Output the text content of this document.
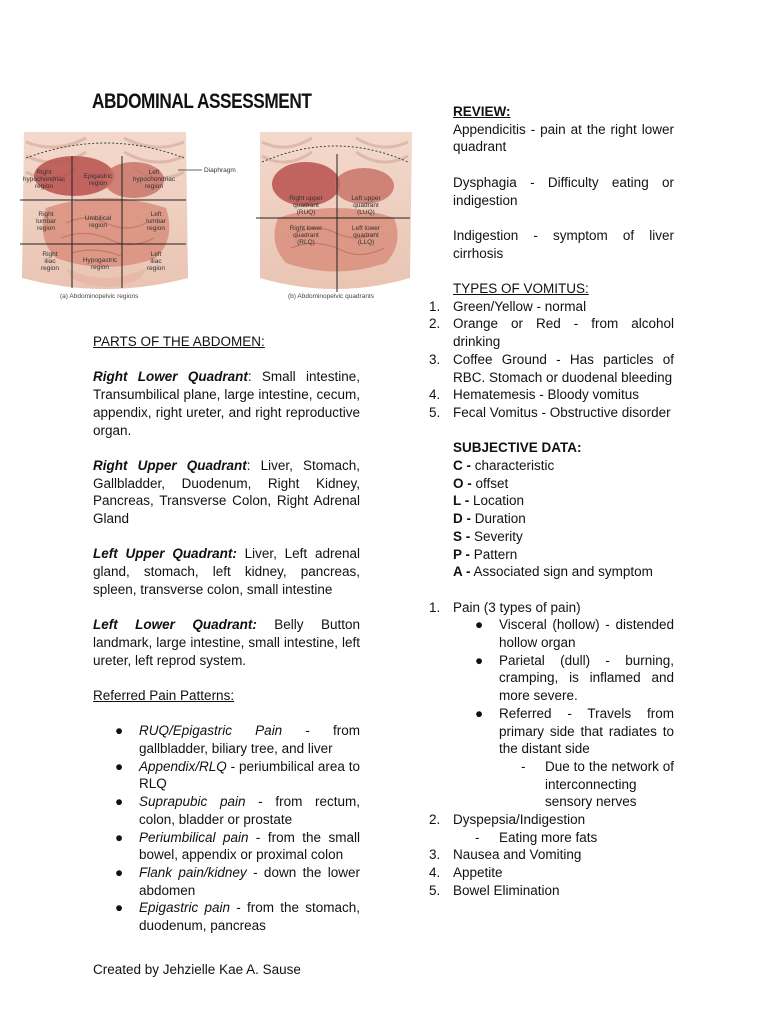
ABDOMINAL ASSESSMENT
Right hypochondriac region
Epigastric region
Left hypochondriac region
Right lumbar region
Umbilical region
Left lumbar region
Right iliac region
Hypogastric region
Left iliac region
Diaphragm
Right upper quadrant (RUQ)
Left upper quadrant (LUQ)
Right lower quadrant (RLQ)
Left lower quadrant (LLQ)
(a) Abdominopelvic regions	(b) Abdominopelvic quadrants

PARTS OF THE ABDOMEN:

Right Lower Quadrant: Small intestine, Transumbilical plane, large intestine, cecum, appendix, right ureter, and right reproductive organ.

Right Upper Quadrant: Liver, Stomach, Gallbladder, Duodenum, Right Kidney, Pancreas, Transverse Colon, Right Adrenal Gland

Left Upper Quadrant: Liver, Left adrenal gland, stomach, left kidney, pancreas, spleen, transverse colon, small intestine

Left Lower Quadrant: Belly Button landmark, large intestine, small intestine, left ureter, left reprod system.

Referred Pain Patterns:

● RUQ/Epigastric Pain - from gallbladder, biliary tree, and liver
● Appendix/RLQ - periumbilical area to RLQ
● Suprapubic pain - from rectum, colon, bladder or prostate
● Periumbilical pain - from the small bowel, appendix or proximal colon
● Flank pain/kidney - down the lower abdomen
● Epigastric pain - from the stomach, duodenum, pancreas

REVIEW:

Appendicitis - pain at the right lower quadrant

Dysphagia - Difficulty eating or indigestion

Indigestion - symptom of liver cirrhosis

TYPES OF VOMITUS:

1. Green/Yellow - normal
2. Orange or Red - from alcohol drinking
3. Coffee Ground - Has particles of RBC. Stomach or duodenal bleeding
4. Hematemesis - Bloody vomitus
5. Fecal Vomitus - Obstructive disorder

SUBJECTIVE DATA:

C - characteristic

O - offset

L - Location

D - Duration

S - Severity

P - Pattern

A - Associated sign and symptom

1. Pain (3 types of pain)
● Visceral (hollow) - distended hollow organ
● Parietal (dull) - burning, cramping, is inflamed and more severe.
● Referred - Travels from primary side that radiates to the distant side
- Due to the network of interconnecting sensory nerves
2. Dyspepsia/Indigestion
- Eating more fats
3. Nausea and Vomiting
4. Appetite
5. Bowel Elimination
Created by Jehzielle Kae A. Sause
